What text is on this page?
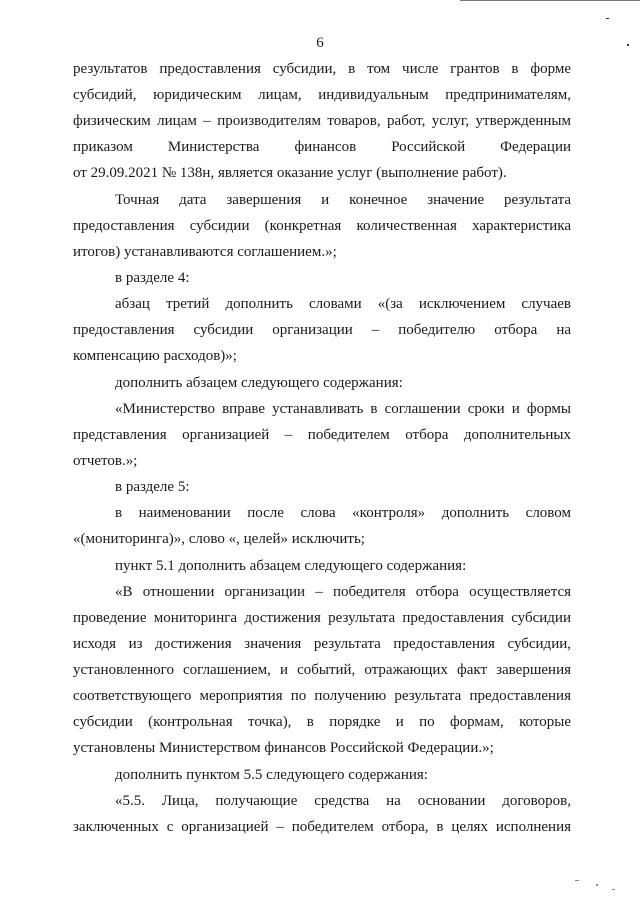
6
результатов предоставления субсидии, в том числе грантов в форме
субсидий, юридическим лицам, индивидуальным предпринимателям,
физическим лицам – производителям товаров, работ, услуг, утвержденным
приказом Министерства финансов Российской Федерации
от 29.09.2021 № 138н, является оказание услуг (выполнение работ).
Точная дата завершения и конечное значение результата
предоставления субсидии (конкретная количественная характеристика
итогов) устанавливаются соглашением.»;
в разделе 4:
абзац третий дополнить словами «(за исключением случаев
предоставления субсидии организации – победителю отбора на
компенсацию расходов)»;
дополнить абзацем следующего содержания:
«Министерство вправе устанавливать в соглашении сроки и формы
представления организацией – победителем отбора дополнительных
отчетов.»;
в разделе 5:
в наименовании после слова «контроля» дополнить словом
«(мониторинга)», слово «, целей» исключить;
пункт 5.1 дополнить абзацем следующего содержания:
«В отношении организации – победителя отбора осуществляется
проведение мониторинга достижения результата предоставления субсидии
исходя из достижения значения результата предоставления субсидии,
установленного соглашением, и событий, отражающих факт завершения
соответствующего мероприятия по получению результата предоставления
субсидии (контрольная точка), в порядке и по формам, которые
установлены Министерством финансов Российской Федерации.»;
дополнить пунктом 5.5 следующего содержания:
«5.5. Лица, получающие средства на основании договоров,
заключенных с организацией – победителем отбора, в целях исполнения
